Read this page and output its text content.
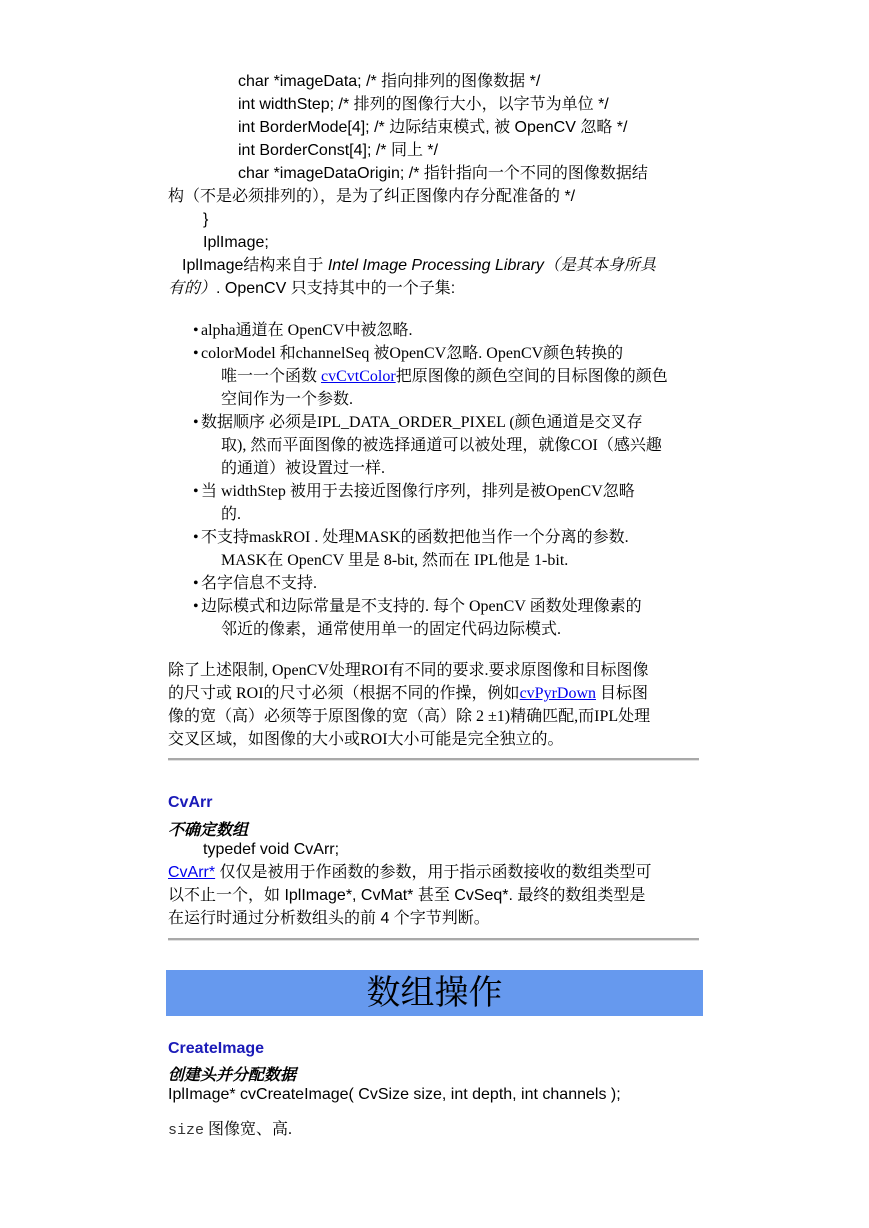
char *imageData; /* 指向排列的图像数据 */
int widthStep; /* 排列的图像行大小，以字节为单位 */
int BorderMode[4]; /* 边际结束模式, 被 OpenCV 忽略 */
int BorderConst[4]; /* 同上 */
char *imageDataOrigin; /* 指针指向一个不同的图像数据结
构（不是必须排列的），是为了纠正图像内存分配准备的 */
}
IplImage;
IplImage结构来自于 Intel Image Processing Library（是其本身所具
有的）. OpenCV 只支持其中的一个子集:
• alpha通道在 OpenCV中被忽略.
• colorModel 和channelSeq 被OpenCV忽略. OpenCV颜色转换的
唯一一个函数 cvCvtColor把原图像的颜色空间的目标图像的颜色
空间作为一个参数.
• 数据顺序 必须是IPL_DATA_ORDER_PIXEL (颜色通道是交叉存
取), 然而平面图像的被选择通道可以被处理，就像COI（感兴趣
的通道）被设置过一样.
• 当 widthStep 被用于去接近图像行序列，排列是被OpenCV忽略
的.
• 不支持maskROI . 处理MASK的函数把他当作一个分离的参数.
MASK在 OpenCV 里是 8-bit, 然而在 IPL他是 1-bit.
• 名字信息不支持.
• 边际模式和边际常量是不支持的. 每个 OpenCV 函数处理像素的
邻近的像素，通常使用单一的固定代码边际模式.
除了上述限制, OpenCV处理ROI有不同的要求.要求原图像和目标图像
的尺寸或 ROI的尺寸必须（根据不同的作操，例如cvPyrDown 目标图
像的宽（高）必须等于原图像的宽（高）除 2 ±1)精确匹配,而IPL处理
交叉区域，如图像的大小或ROI大小可能是完全独立的。
CvArr
不确定数组
typedef void CvArr;
CvArr* 仅仅是被用于作函数的参数，用于指示函数接收的数组类型可
以不止一个，如 IplImage*, CvMat* 甚至 CvSeq*. 最终的数组类型是
在运行时通过分析数组头的前 4 个字节判断。
数组操作
CreateImage
创建头并分配数据
IplImage* cvCreateImage( CvSize size, int depth, int channels );
size 图像宽、高.
